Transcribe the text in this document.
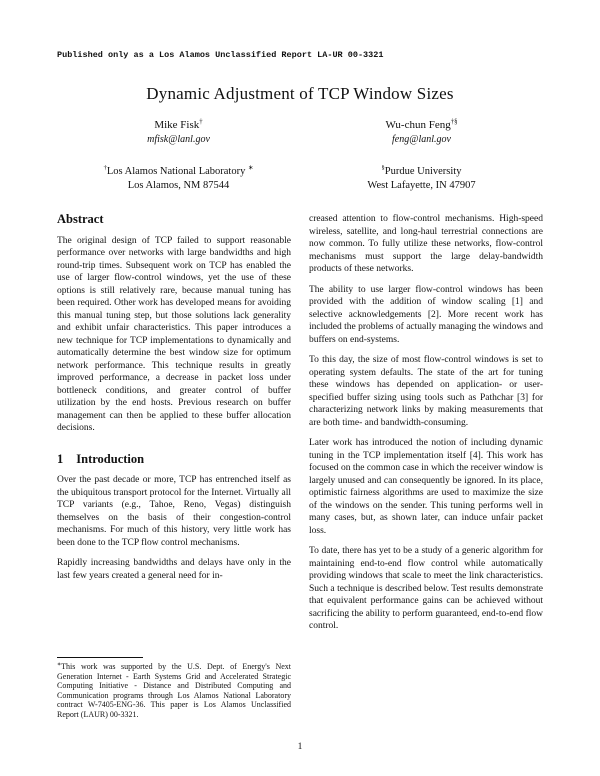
Published only as a Los Alamos Unclassified Report LA-UR 00-3321
Dynamic Adjustment of TCP Window Sizes
Mike Fisk†
mfisk@lanl.gov
Wu-chun Feng†§
feng@lanl.gov
†Los Alamos National Laboratory ∗
Los Alamos, NM 87544
§Purdue University
West Lafayette, IN 47907
Abstract

The original design of TCP failed to support reasonable performance over networks with large bandwidths and high round-trip times. Subsequent work on TCP has enabled the use of larger flow-control windows, yet the use of these options is still relatively rare, because manual tuning has been required. Other work has developed means for avoiding this manual tuning step, but those solutions lack generality and exhibit unfair characteristics. This paper introduces a new technique for TCP implementations to dynamically and automatically determine the best window size for optimum network performance. This technique results in greatly improved performance, a decrease in packet loss under bottleneck conditions, and greater control of buffer utilization by the end hosts. Previous research on buffer management can then be applied to these buffer allocation decisions.

1 Introduction

Over the past decade or more, TCP has entrenched itself as the ubiquitous transport protocol for the Internet. Virtually all TCP variants (e.g., Tahoe, Reno, Vegas) distinguish themselves on the basis of their congestion-control mechanisms. For much of this history, very little work has been done to the TCP flow control mechanisms.

Rapidly increasing bandwidths and delays have only in the last few years created a general need for in-

∗This work was supported by the U.S. Dept. of Energy's Next Generation Internet - Earth Systems Grid and Accelerated Strategic Computing Initiative - Distance and Distributed Computing and Communication programs through Los Alamos National Laboratory contract W-7405-ENG-36. This paper is Los Alamos Unclassified Report (LAUR) 00-3321.

creased attention to flow-control mechanisms. High-speed wireless, satellite, and long-haul terrestrial connections are now common. To fully utilize these networks, flow-control mechanisms must support the large delay-bandwidth products of these networks.

The ability to use larger flow-control windows has been provided with the addition of window scaling [1] and selective acknowledgements [2]. More recent work has included the problems of actually managing the windows and buffers on end-systems.

To this day, the size of most flow-control windows is set to operating system defaults. The state of the art for tuning these windows has depended on application- or user-specified buffer sizing using tools such as Pathchar [3] for characterizing network links by making measurements that are both time- and bandwidth-consuming.

Later work has introduced the notion of including dynamic tuning in the TCP implementation itself [4]. This work has focused on the common case in which the receiver window is largely unused and can consequently be ignored. In its place, optimistic fairness algorithms are used to maximize the size of the windows on the sender. This tuning performs well in many cases, but, as shown later, can induce unfair packet loss.

To date, there has yet to be a study of a generic algorithm for maintaining end-to-end flow control while automatically providing windows that scale to meet the link characteristics. Such a technique is described below. Test results demonstrate that equivalent performance gains can be achieved without sacrificing the ability to perform guaranteed, end-to-end flow control.

1
